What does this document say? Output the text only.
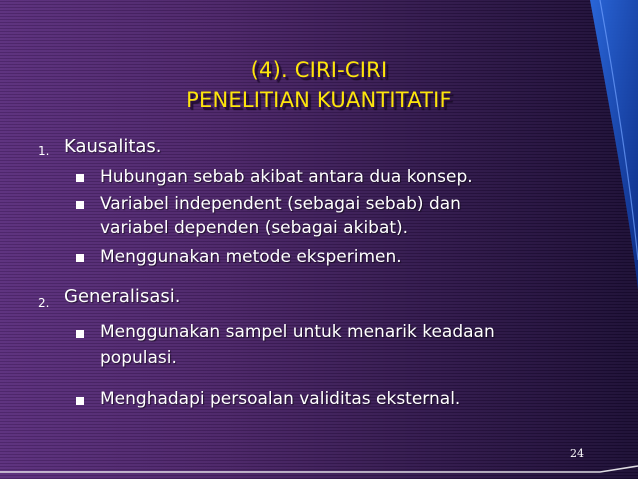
(4). CIRI-CIRI
PENELITIAN KUANTITATIF
1. Kausalitas.
Hubungan sebab akibat antara dua konsep.
Variabel independent (sebagai sebab) dan
variabel dependen (sebagai akibat).
Menggunakan metode eksperimen.
2. Generalisasi.
Menggunakan sampel untuk menarik keadaan
populasi.
Menghadapi persoalan validitas eksternal.
24
